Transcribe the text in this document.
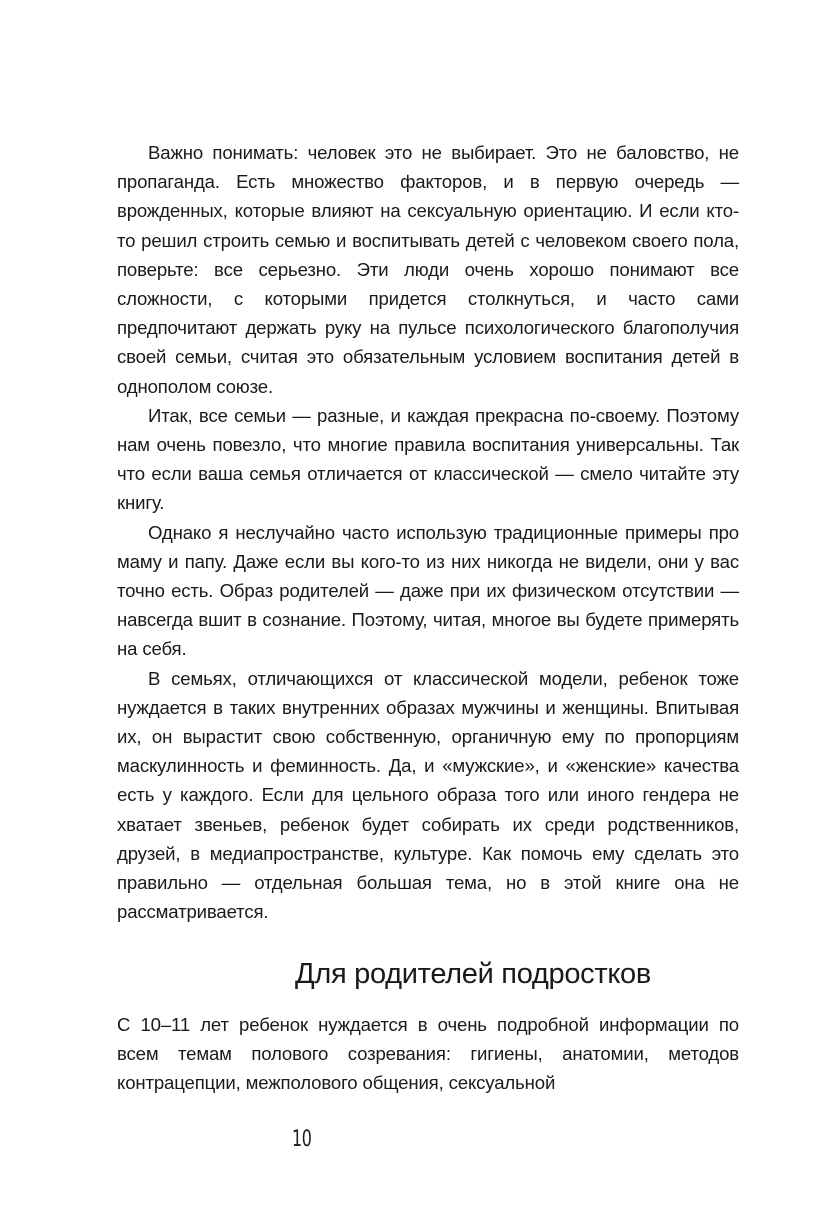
Важно понимать: человек это не выбирает. Это не баловство, не пропаганда. Есть множество факторов, и в первую очередь — врожденных, которые влияют на сексуальную ориентацию. И если кто-то решил строить семью и воспитывать детей с человеком своего пола, поверьте: все серьезно. Эти люди очень хорошо понимают все сложности, с которыми придется столкнуться, и часто сами предпочитают держать руку на пульсе психологического благополучия своей семьи, считая это обязательным условием воспитания детей в однополом союзе.

Итак, все семьи — разные, и каждая прекрасна по-своему. Поэтому нам очень повезло, что многие правила воспитания универсальны. Так что если ваша семья отличается от классической — смело читайте эту книгу.

Однако я неслучайно часто использую традиционные примеры про маму и папу. Даже если вы кого-то из них никогда не видели, они у вас точно есть. Образ родителей — даже при их физическом отсутствии — навсегда вшит в сознание. Поэтому, читая, многое вы будете примерять на себя.

В семьях, отличающихся от классической модели, ребенок тоже нуждается в таких внутренних образах мужчины и женщины. Впитывая их, он вырастит свою собственную, органичную ему по пропорциям маскулинность и феминность. Да, и «мужские», и «женские» качества есть у каждого. Если для цельного образа того или иного гендера не хватает звеньев, ребенок будет собирать их среди родственников, друзей, в медиапространстве, культуре. Как помочь ему сделать это правильно — отдельная большая тема, но в этой книге она не рассматривается.

Для родителей подростков

С 10–11 лет ребенок нуждается в очень подробной информации по всем темам полового созревания: гигиены, анатомии, методов контрацепции, межполового общения, сексуальной

10
